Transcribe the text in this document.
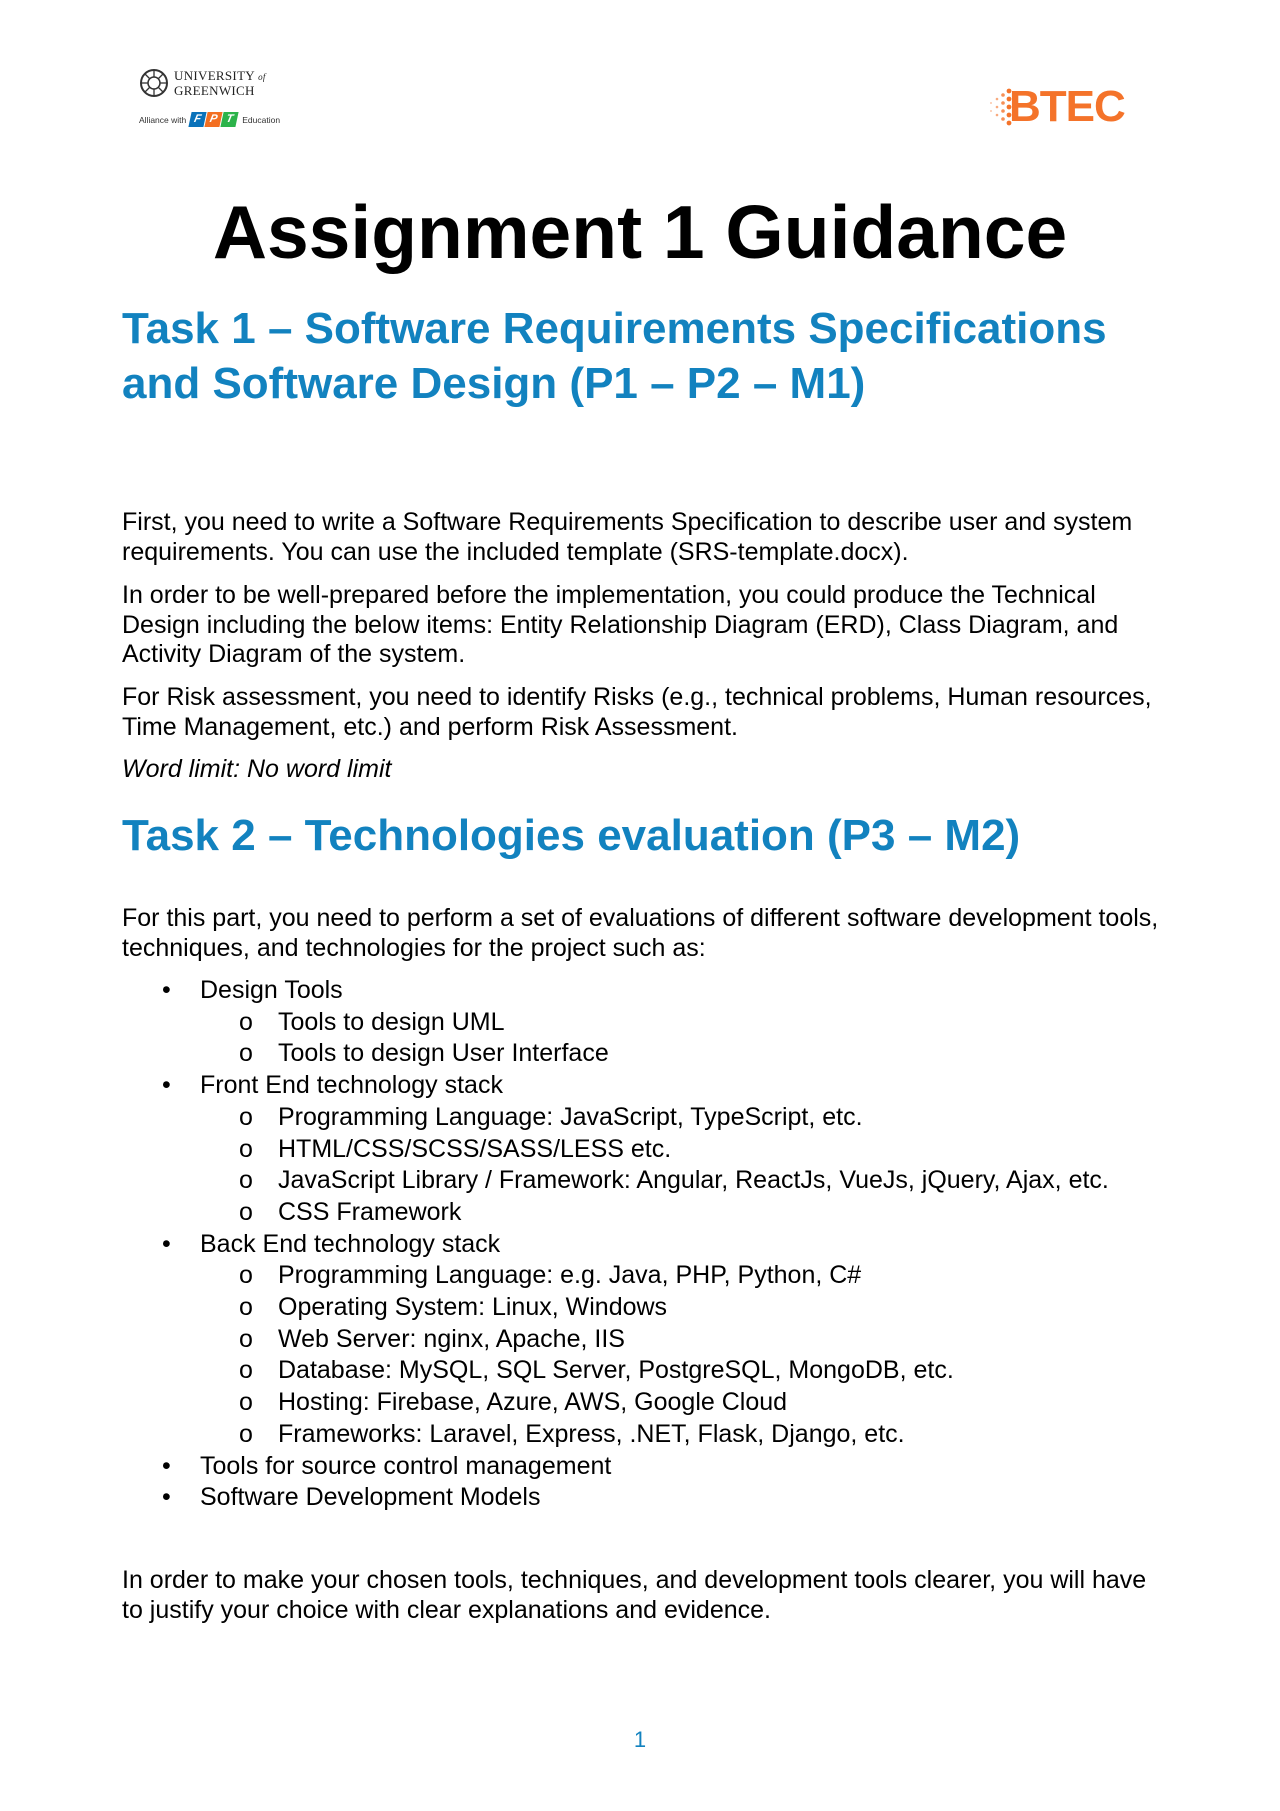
UNIVERSITY of
GREENWICH
Alliance with F P T Education	BTEC
Assignment 1 Guidance
Task 1 – Software Requirements Specifications and Software Design (P1 – P2 – M1)

First, you need to write a Software Requirements Specification to describe user and system requirements. You can use the included template (SRS-template.docx).

In order to be well-prepared before the implementation, you could produce the Technical Design including the below items: Entity Relationship Diagram (ERD), Class Diagram, and Activity Diagram of the system.

For Risk assessment, you need to identify Risks (e.g., technical problems, Human resources, Time Management, etc.) and perform Risk Assessment.

Word limit: No word limit

Task 2 – Technologies evaluation (P3 – M2)

For this part, you need to perform a set of evaluations of different software development tools, techniques, and technologies for the project such as:

• Design Tools
o Tools to design UML
o Tools to design User Interface
• Front End technology stack
o Programming Language: JavaScript, TypeScript, etc.
o HTML/CSS/SCSS/SASS/LESS etc.
o JavaScript Library / Framework: Angular, ReactJs, VueJs, jQuery, Ajax, etc.
o CSS Framework
• Back End technology stack
o Programming Language: e.g. Java, PHP, Python, C#
o Operating System: Linux, Windows
o Web Server: nginx, Apache, IIS
o Database: MySQL, SQL Server, PostgreSQL, MongoDB, etc.
o Hosting: Firebase, Azure, AWS, Google Cloud
o Frameworks: Laravel, Express, .NET, Flask, Django, etc.
• Tools for source control management
• Software Development Models

In order to make your chosen tools, techniques, and development tools clearer, you will have to justify your choice with clear explanations and evidence.

1
